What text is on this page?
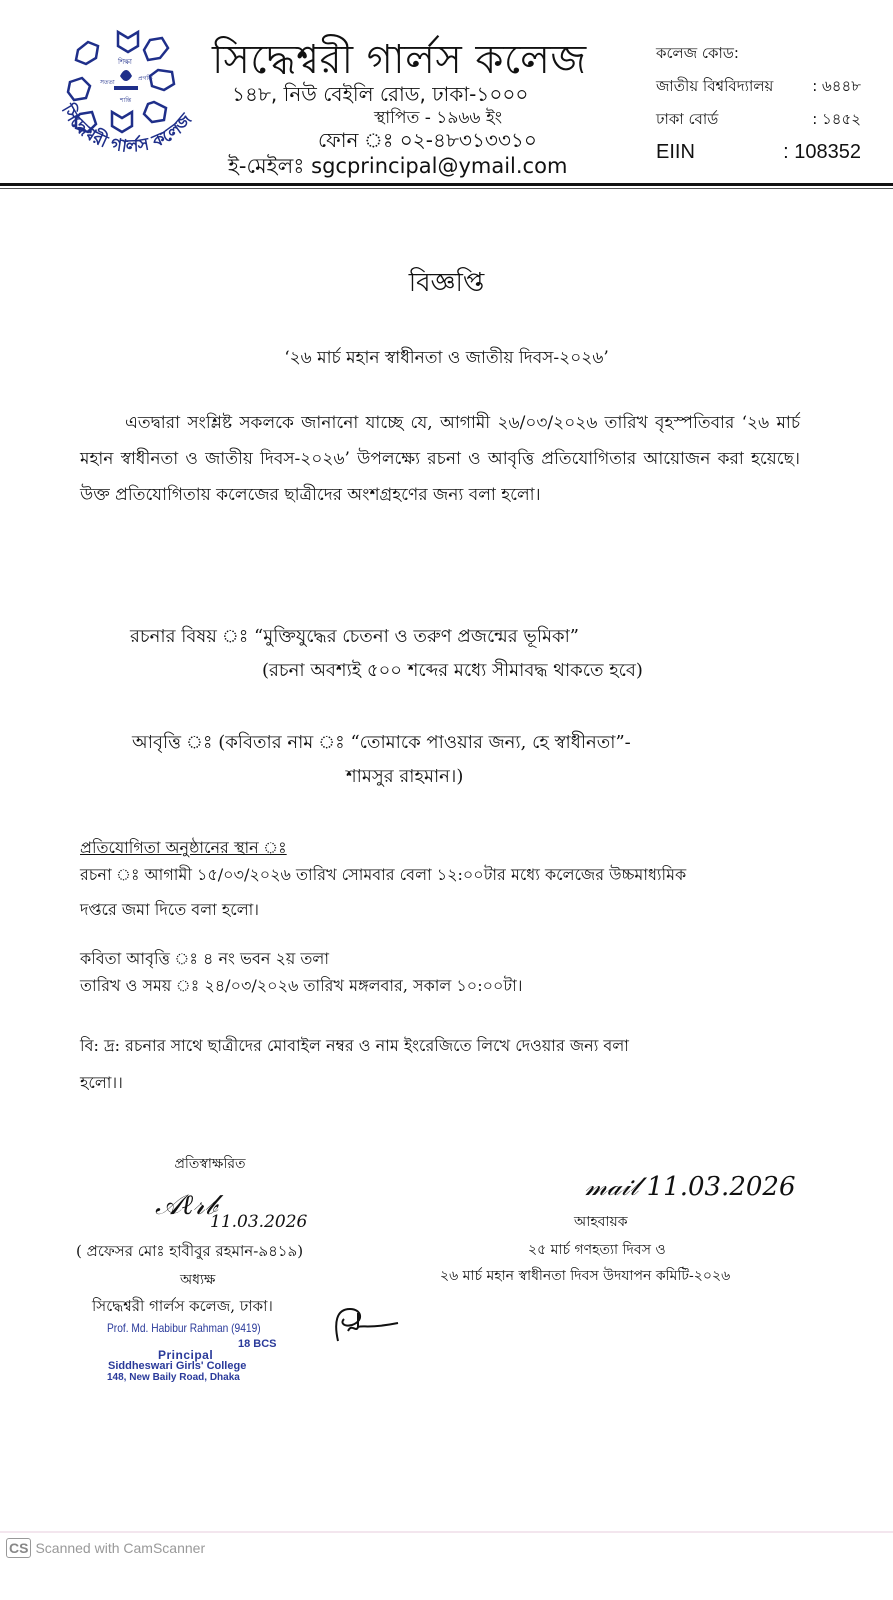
শিক্ষা
সততা
প্রগতি
শান্তি
সিদ্ধেশ্বরী গার্লস কলেজ
সিদ্ধেশ্বরী গার্লস কলেজ
১৪৮, নিউ বেইলি রোড, ঢাকা-১০০০
স্থাপিত - ১৯৬৬ ইং
ফোন ঃ ০২-৪৮৩১৩৩১০
ই-মেইলঃ sgcprincipal@ymail.com
কলেজ কোড:
জাতীয় বিশ্ববিদ্যালয়	: ৬৪৪৮
ঢাকা বোর্ড	: ১৪৫২
EIIN	: 108352
বিজ্ঞপ্তি
‘২৬ মার্চ মহান স্বাধীনতা ও জাতীয় দিবস-২০২৬’
এতদ্বারা সংশ্লিষ্ট সকলকে জানানো যাচ্ছে যে, আগামী ২৬/০৩/২০২৬ তারিখ বৃহস্পতিবার ‘২৬ মার্চ মহান স্বাধীনতা ও জাতীয় দিবস-২০২৬’ উপলক্ষ্যে রচনা ও আবৃত্তি প্রতিযোগিতার আয়োজন করা হয়েছে। উক্ত প্রতিযোগিতায় কলেজের ছাত্রীদের অংশগ্রহণের জন্য বলা হলো।
রচনার বিষয় ঃ “মুক্তিযুদ্ধের চেতনা ও তরুণ প্রজন্মের ভূমিকা”
(রচনা অবশ্যই ৫০০ শব্দের মধ্যে সীমাবদ্ধ থাকতে হবে)
আবৃত্তি ঃ (কবিতার নাম ঃ “তোমাকে পাওয়ার জন্য, হে স্বাধীনতা”-
শামসুর রাহমান।)
প্রতিযোগিতা অনুষ্ঠানের স্থান ঃ
রচনা ঃ আগামী ১৫/০৩/২০২৬ তারিখ সোমবার বেলা ১২:০০টার মধ্যে কলেজের উচ্চমাধ্যমিক
দপ্তরে জমা দিতে বলা হলো।
কবিতা আবৃত্তি ঃ ৪ নং ভবন ২য় তলা
তারিখ ও সময় ঃ ২৪/০৩/২০২৬ তারিখ মঙ্গলবার, সকাল ১০:০০টা।
বি: দ্র: রচনার সাথে ছাত্রীদের মোবাইল নম্বর ও নাম ইংরেজিতে লিখে দেওয়ার জন্য বলা
হলো।।
প্রতিস্বাক্ষরিত
𝒜ℓ𝓇𝒷
11.03.2026
( প্রফেসর মোঃ হাবীবুর রহমান-৯৪১৯)
অধ্যক্ষ
সিদ্ধেশ্বরী গার্লস কলেজ, ঢাকা।
Prof. Md. Habibur Rahman (9419)
18 BCS
Principal
Siddheswari Girls' College
148, New Baily Road, Dhaka
𝓂𝒶𝒾𝓁 11.03.2026
আহবায়ক
২৫ মার্চ গণহত্যা দিবস ও
২৬ মার্চ মহান স্বাধীনতা দিবস উদযাপন কমিটি-২০২৬
CS Scanned with CamScanner
